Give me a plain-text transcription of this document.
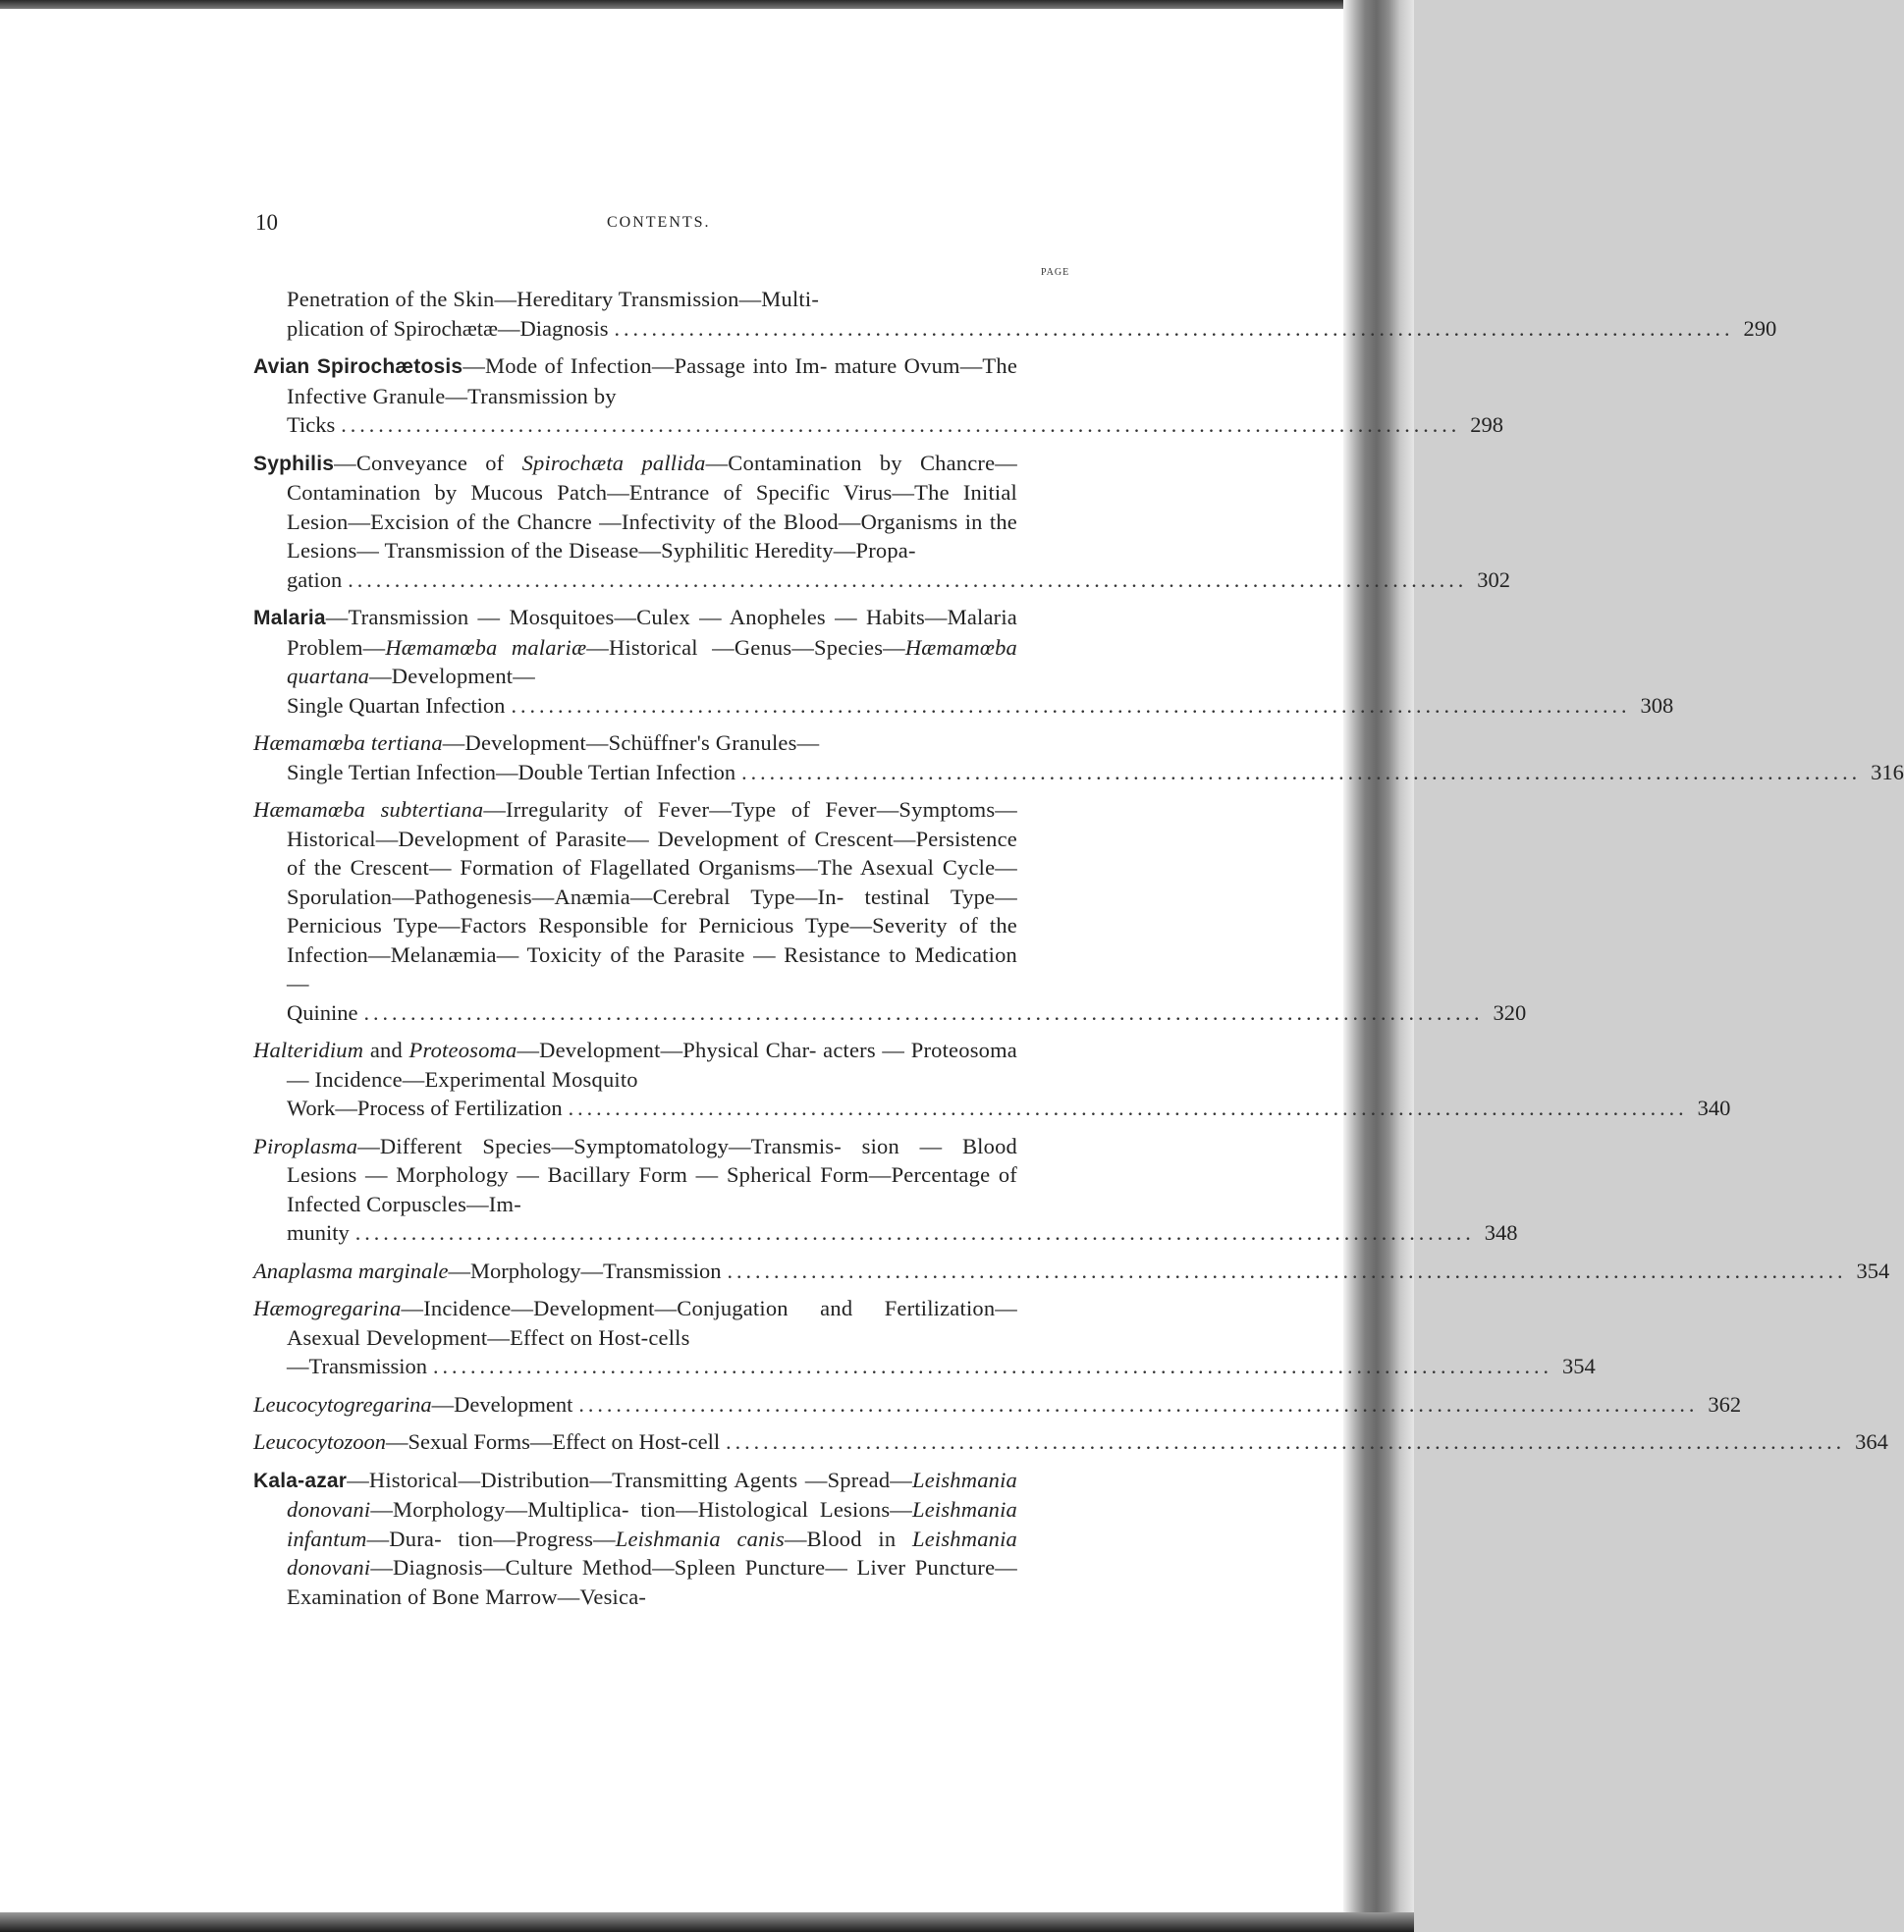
10	CONTENTS.
PAGE
Penetration of the Skin—Hereditary Transmission—Multi-
plication of Spirochætæ—Diagnosis ........................................................................................................................ 290
Avian Spirochætosis—Mode of Infection—Passage into Im- mature Ovum—The Infective Granule—Transmission by
Ticks ........................................................................................................................ 298
Syphilis—Conveyance of Spirochæta pallida—Contamination by Chancre—Contamination by Mucous Patch—Entrance of Specific Virus—The Initial Lesion—Excision of the Chancre —Infectivity of the Blood—Organisms in the Lesions— Transmission of the Disease—Syphilitic Heredity—Propa-
gation ........................................................................................................................ 302
Malaria—Transmission — Mosquitoes—Culex — Anopheles — Habits—Malaria Problem—Hæmamœba malariæ—Historical —Genus—Species—Hæmamœba quartana—Development—
Single Quartan Infection ........................................................................................................................ 308
Hæmamœba tertiana—Development—Schüffner's Granules—
Single Tertian Infection—Double Tertian Infection ........................................................................................................................ 316
Hæmamœba subtertiana—Irregularity of Fever—Type of Fever—Symptoms—Historical—Development of Parasite— Development of Crescent—Persistence of the Crescent— Formation of Flagellated Organisms—The Asexual Cycle— Sporulation—Pathogenesis—Anæmia—Cerebral Type—In- testinal Type—Pernicious Type—Factors Responsible for Pernicious Type—Severity of the Infection—Melanæmia— Toxicity of the Parasite — Resistance to Medication—
Quinine ........................................................................................................................ 320
Halteridium and Proteosoma—Development—Physical Char- acters — Proteosoma — Incidence—Experimental Mosquito
Work—Process of Fertilization ........................................................................................................................ 340
Piroplasma—Different Species—Symptomatology—Transmis- sion — Blood Lesions — Morphology — Bacillary Form — Spherical Form—Percentage of Infected Corpuscles—Im-
munity ........................................................................................................................ 348
Anaplasma marginale—Morphology—Transmission ........................................................................................................................ 354
Hæmogregarina—Incidence—Development—Conjugation and Fertilization—Asexual Development—Effect on Host-cells
—Transmission ........................................................................................................................ 354
Leucocytogregarina—Development ........................................................................................................................ 362
Leucocytozoon—Sexual Forms—Effect on Host-cell ........................................................................................................................ 364
Kala-azar—Historical—Distribution—Transmitting Agents —Spread—Leishmania donovani—Morphology—Multiplica- tion—Histological Lesions—Leishmania infantum—Dura- tion—Progress—Leishmania canis—Blood in Leishmania donovani—Diagnosis—Culture Method—Spleen Puncture— Liver Puncture—Examination of Bone Marrow—Vesica-
